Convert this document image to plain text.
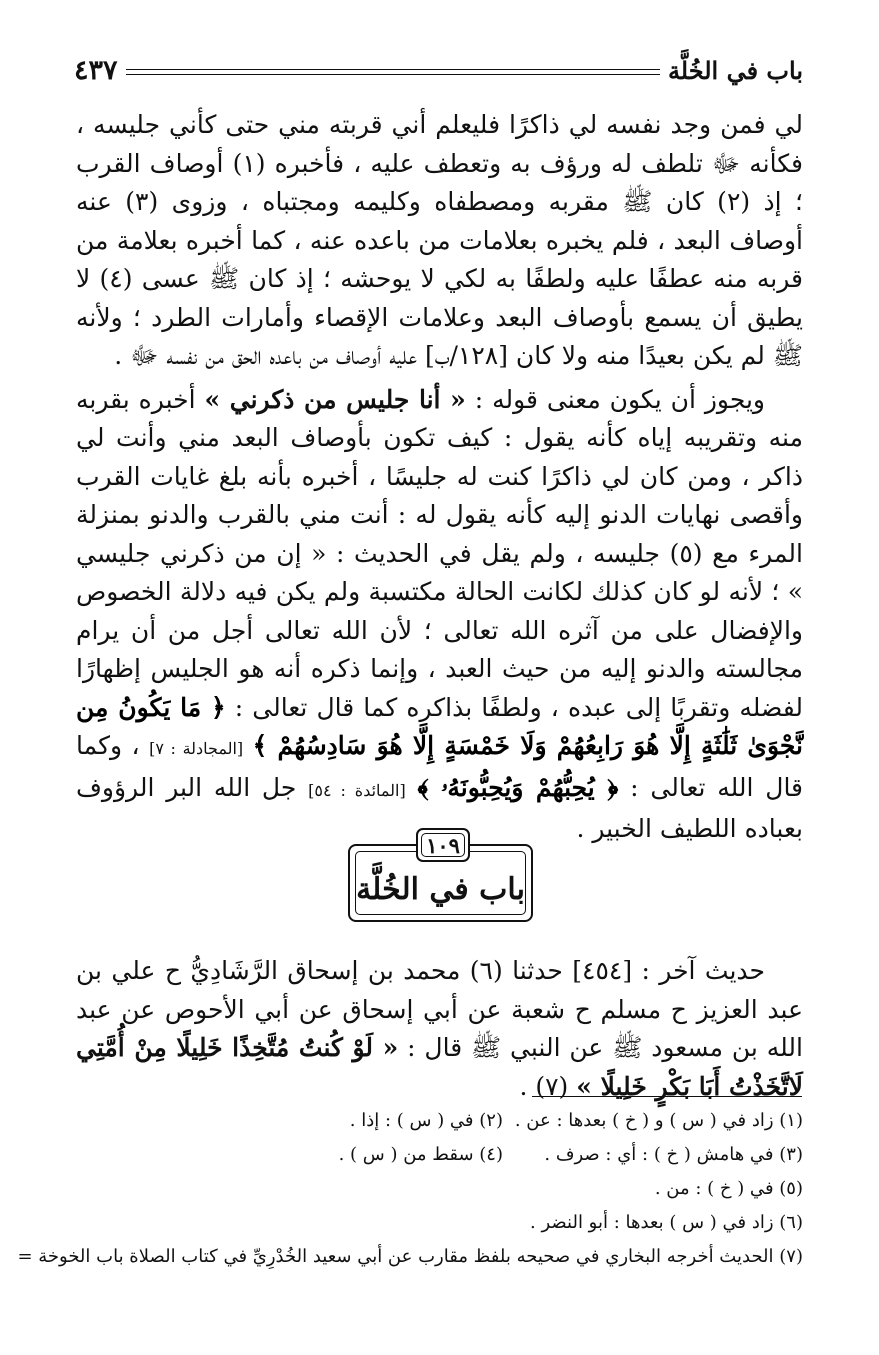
باب في الخُلَّة
٤٣٧

لي فمن وجد نفسه لي ذاكرًا فليعلم أني قربته مني حتى كأني جليسه ، فكأنه ﷻ تلطف له ورؤف به وتعطف عليه ، فأخبره (١) أوصاف القرب ؛ إذ (٢) كان ﷺ مقربه ومصطفاه وكليمه ومجتباه ، وزوى (٣) عنه أوصاف البعد ، فلم يخبره بعلامات من باعده عنه ، كما أخبره بعلامة من قربه منه عطفًا عليه ولطفًا به لكي لا يوحشه ؛ إذ كان ﷺ عسى (٤) لا يطيق أن يسمع بأوصاف البعد وعلامات الإقصاء وأمارات الطرد ؛ ولأنه ﷺ لم يكن بعيدًا منه ولا كان [١٢٨/ب] عليه أوصاف من باعده الحق من نفسه ﷻ .

ويجوز أن يكون معنى قوله : « أنا جليس من ذكرني » أخبره بقربه منه وتقريبه إياه كأنه يقول : كيف تكون بأوصاف البعد مني وأنت لي ذاكر ، ومن كان لي ذاكرًا كنت له جليسًا ، أخبره بأنه بلغ غايات القرب وأقصى نهايات الدنو إليه كأنه يقول له : أنت مني بالقرب والدنو بمنزلة المرء مع (٥) جليسه ، ولم يقل في الحديث : « إن من ذكرني جليسي » ؛ لأنه لو كان كذلك لكانت الحالة مكتسبة ولم يكن فيه دلالة الخصوص والإفضال على من آثره الله تعالى ؛ لأن الله تعالى أجل من أن يرام مجالسته والدنو إليه من حيث العبد ، وإنما ذكره أنه هو الجليس إظهارًا لفضله وتقربًا إلى عبده ، ولطفًا بذاكره كما قال تعالى : ﴿ مَا يَكُونُ مِن نَّجْوَىٰ ثَلَٰثَةٍ إِلَّا هُوَ رَابِعُهُمْ وَلَا خَمْسَةٍ إِلَّا هُوَ سَادِسُهُمْ ﴾ [المجادلة : ٧] ، وكما قال الله تعالى : ﴿ يُحِبُّهُمْ وَيُحِبُّونَهُۥ ﴾ [المائدة : ٥٤] جل الله البر الرؤوف بعباده اللطيف الخبير .

١٠٩
باب في الخُلَّة

حديث آخر : [٤٥٤] حدثنا (٦) محمد بن إسحاق الرَّشَادِيُّ ح علي بن عبد العزيز ح مسلم ح شعبة عن أبي إسحاق عن أبي الأحوص عن عبد الله بن مسعود ﷺ عن النبي ﷺ قال : « لَوْ كُنتُ مُتَّخِذًا خَلِيلًا مِنْ أُمَّتِي لَاتَّخَذْتُ أَبَا بَكْرٍ خَلِيلًا » (٧) .

(١) زاد في ( س ) و ( خ ) بعدها : عن .
(٢) في ( س ) : إذا .
(٣) في هامش ( خ ) : أي : صرف .
(٤) سقط من ( س ) .
(٥) في ( خ ) : من .
(٦) زاد في ( س ) بعدها : أبو النضر .
(٧) الحديث أخرجه البخاري في صحيحه بلفظ مقارب عن أبي سعيد الخُدْرِيِّ في كتاب الصلاة باب الخوخة =
